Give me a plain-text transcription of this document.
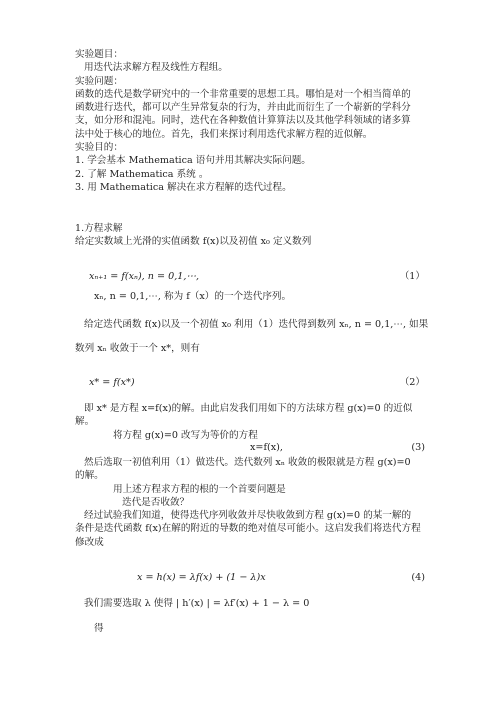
实验题目：
用迭代法求解方程及线性方程组。
实验问题：
函数的迭代是数学研究中的一个非常重要的思想工具。哪怕是对一个相当简单的
函数进行迭代，都可以产生异常复杂的行为，并由此而衍生了一个崭新的学科分
支，如分形和混沌。同时，迭代在各种数值计算算法以及其他学科领域的诸多算
法中处于核心的地位。首先，我们来探讨利用迭代求解方程的近似解。
实验目的：
1. 学会基本 Mathematica 语句并用其解决实际问题。
2. 了解 Mathematica 系统 。
3. 用 Mathematica 解决在求方程解的迭代过程。
1.方程求解
给定实数域上光滑的实值函数 f(x)以及初值 x₀ 定义数列
xₙ₊₁ = f(xₙ), n = 0,1,⋯,	（1）
xₙ, n = 0,1,⋯, 称为 f（x）的一个迭代序列。
给定迭代函数 f(x)以及一个初值 x₀ 利用（1）迭代得到数列 xₙ, n = 0,1,⋯, 如果
数列 xₙ 收敛于一个 x*，则有
x* = f(x*)	（2）
即 x* 是方程 x=f(x)的解。由此启发我们用如下的方法球方程 g(x)=0 的近似
解。
将方程 g(x)=0 改写为等价的方程
x=f(x),	(3)
然后选取一初值利用（1）做迭代。迭代数列 xₙ 收敛的极限就是方程 g(x)=0
的解。
用上述方程求方程的根的一个首要问题是
迭代是否收敛？
经过试验我们知道，使得迭代序列收敛并尽快收敛到方程 g(x)=0 的某一解的
条件是迭代函数 f(x)在解的附近的导数的绝对值尽可能小。这启发我们将迭代方程
修改成
x = h(x) = λf(x) + (1 − λ)x	(4)
我们需要选取 λ 使得 | h′(x) | = λf′(x) + 1 − λ = 0
得
